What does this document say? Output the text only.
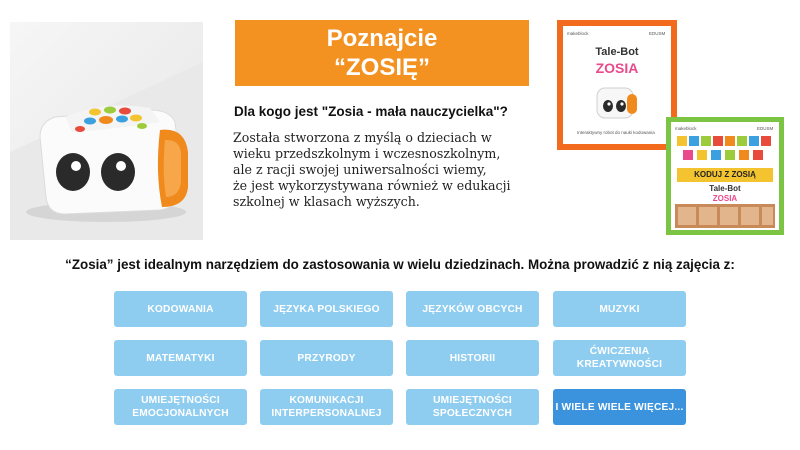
Poznajcie
“ZOSIĘ”
Dla kogo jest "Zosia - mała nauczycielka"?
Została stworzona z myślą o dzieciach w
wieku przedszkolnym i wczesnoszkolnym,
ale z racji swojej uniwersalności wiemy,
że jest wykorzystywana również w edukacji
szkolnej w klasach wyższych.
makeblock	EDUSM
Tale-Bot
ZOSIA
Interaktywny robot do nauki kodowania
makeblock	EDUSM
KODUJ Z ZOSIĄ
Tale-Bot
ZOSIA
“Zosia” jest idealnym narzędziem do zastosowania w wielu dziedzinach. Można prowadzić z nią zajęcia z:
KODOWANIA	JĘZYKA POLSKIEGO	JĘZYKÓW OBCYCH	MUZYKI
MATEMATYKI	PRZYRODY	HISTORII
ĆWICZENIA KREATYWNOŚCI
UMIEJĘTNOŚCI EMOCJONALNYCH
KOMUNIKACJI INTERPERSONALNEJ
UMIEJĘTNOŚCI SPOŁECZNYCH
I WIELE WIELE WIĘCEJ...
